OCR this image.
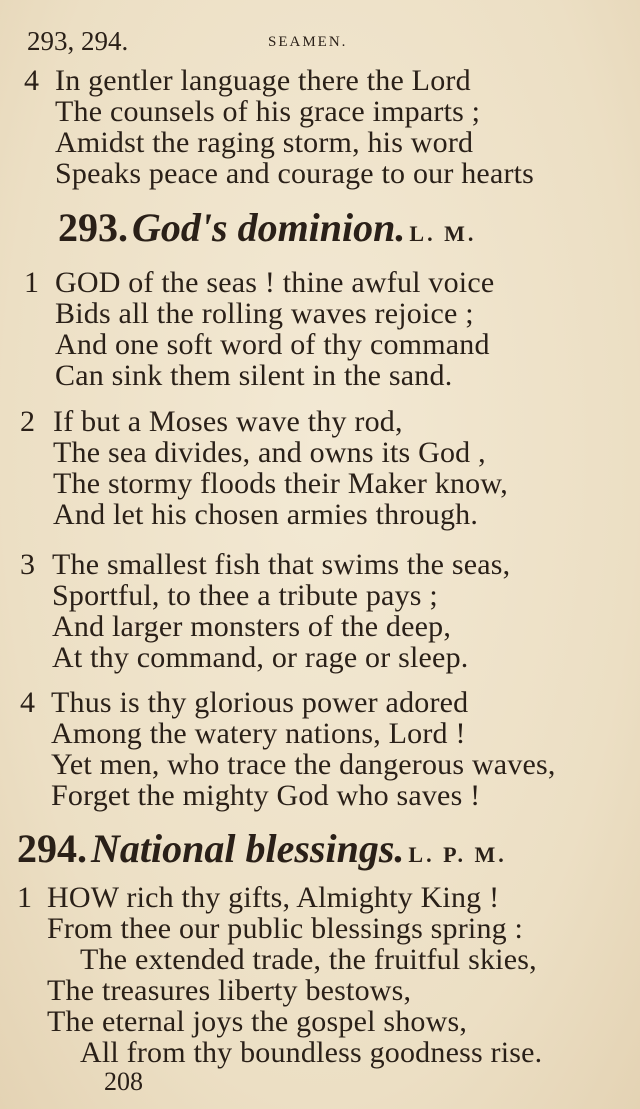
293, 294.	SEAMEN.
4 In gentler language there the Lord
The counsels of his grace imparts ;
Amidst the raging storm, his word
Speaks peace and courage to our hearts
293. God's dominion. L. M.
1 GOD of the seas ! thine awful voice
Bids all the rolling waves rejoice ;
And one soft word of thy command
Can sink them silent in the sand.
2 If but a Moses wave thy rod,
The sea divides, and owns its God ,
The stormy floods their Maker know,
And let his chosen armies through.
3 The smallest fish that swims the seas,
Sportful, to thee a tribute pays ;
And larger monsters of the deep,
At thy command, or rage or sleep.
4 Thus is thy glorious power adored
Among the watery nations, Lord !
Yet men, who trace the dangerous waves,
Forget the mighty God who saves !
294. National blessings. L. P. M.
1 HOW rich thy gifts, Almighty King !
From thee our public blessings spring :
The extended trade, the fruitful skies,
The treasures liberty bestows,
The eternal joys the gospel shows,
All from thy boundless goodness rise.
208
